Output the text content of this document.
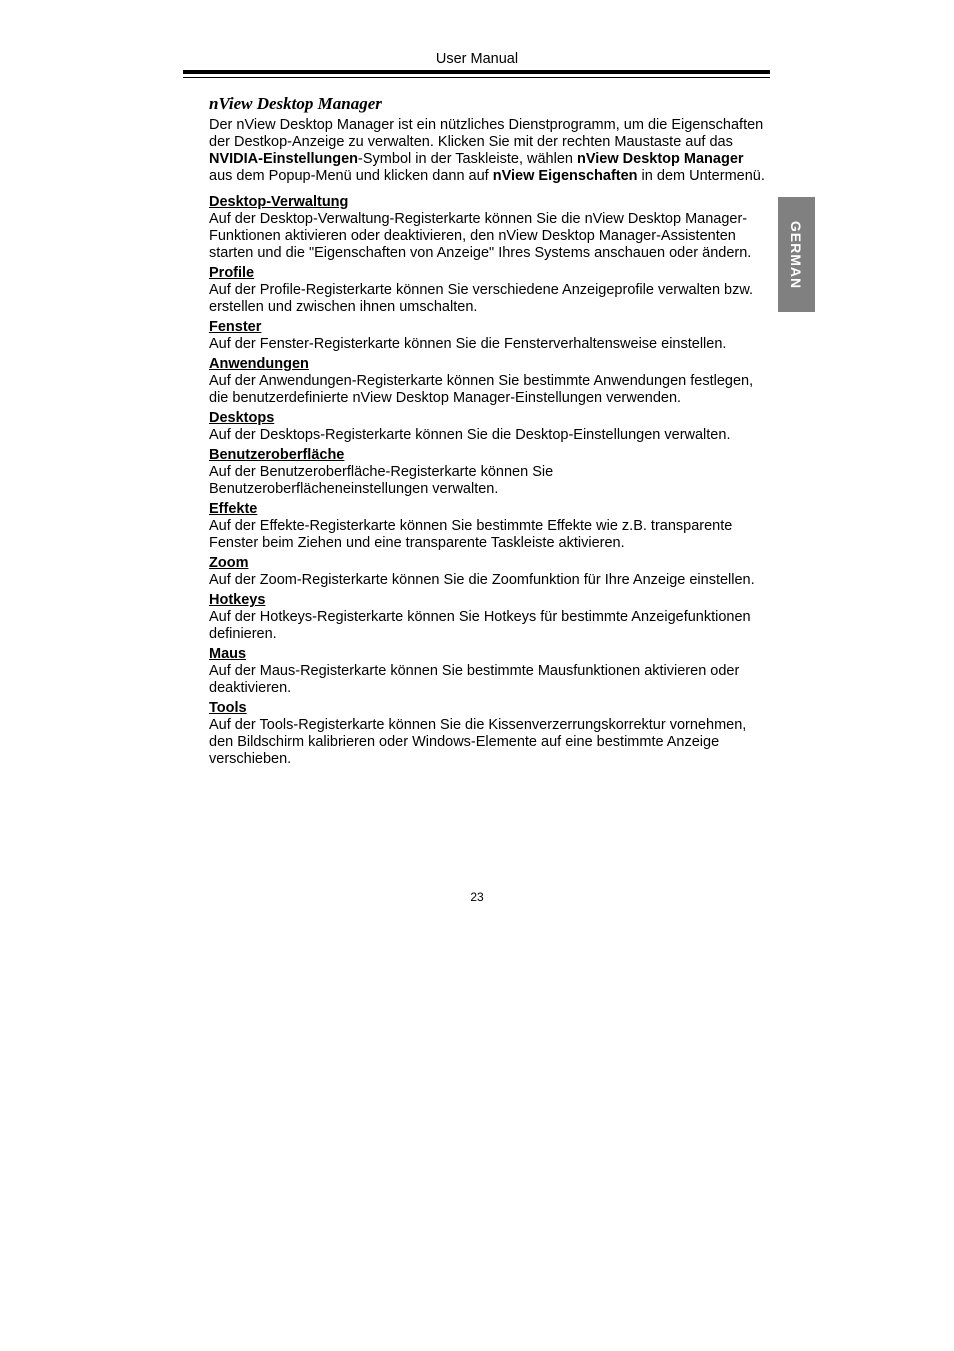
User Manual
GERMAN
nView Desktop Manager

Der nView Desktop Manager ist ein nützliches Dienstprogramm, um die Eigenschaften der Destkop-Anzeige zu verwalten. Klicken Sie mit der rechten Maustaste auf das NVIDIA-Einstellungen-Symbol in der Taskleiste, wählen nView Desktop Manager aus dem Popup-Menü und klicken dann auf nView Eigenschaften in dem Untermenü.

Desktop-Verwaltung
Auf der Desktop-Verwaltung-Registerkarte können Sie die nView Desktop Manager-Funktionen aktivieren oder deaktivieren, den nView Desktop Manager-Assistenten starten und die "Eigenschaften von Anzeige" Ihres Systems anschauen oder ändern.
Profile
Auf der Profile-Registerkarte können Sie verschiedene Anzeigeprofile verwalten bzw. erstellen und zwischen ihnen umschalten.
Fenster
Auf der Fenster-Registerkarte können Sie die Fensterverhaltensweise einstellen.
Anwendungen
Auf der Anwendungen-Registerkarte können Sie bestimmte Anwendungen festlegen, die benutzerdefinierte nView Desktop Manager-Einstellungen verwenden.
Desktops
Auf der Desktops-Registerkarte können Sie die Desktop-Einstellungen verwalten.
Benutzeroberfläche
Auf der Benutzeroberfläche-Registerkarte können Sie Benutzeroberflächeneinstellungen verwalten.
Effekte
Auf der Effekte-Registerkarte können Sie bestimmte Effekte wie z.B. transparente Fenster beim Ziehen und eine transparente Taskleiste aktivieren.
Zoom
Auf der Zoom-Registerkarte können Sie die Zoomfunktion für Ihre Anzeige einstellen.
Hotkeys
Auf der Hotkeys-Registerkarte können Sie Hotkeys für bestimmte Anzeigefunktionen definieren.
Maus
Auf der Maus-Registerkarte können Sie bestimmte Mausfunktionen aktivieren oder deaktivieren.
Tools
Auf der Tools-Registerkarte können Sie die Kissenverzerrungskorrektur vornehmen, den Bildschirm kalibrieren oder Windows-Elemente auf eine bestimmte Anzeige verschieben.
23
